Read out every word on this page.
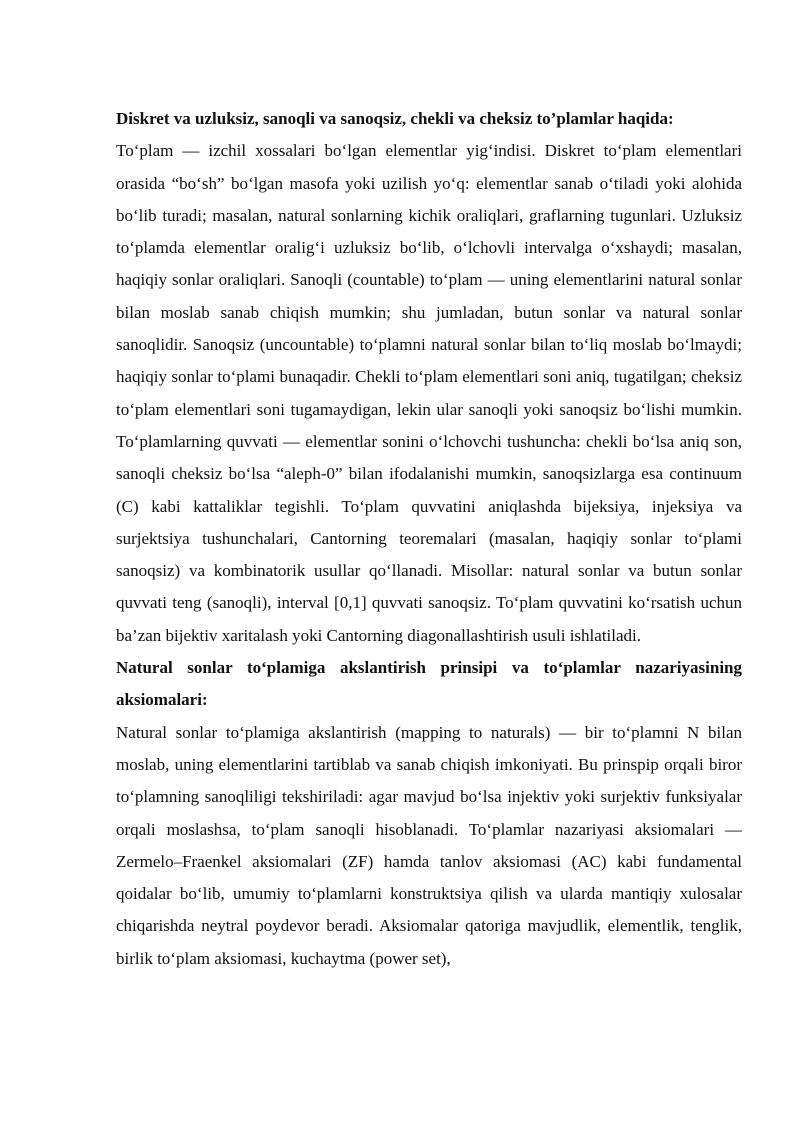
Diskret va uzluksiz, sanoqli va sanoqsiz, chekli va cheksiz to’plamlar haqida:

To‘plam — izchil xossalari bo‘lgan elementlar yig‘indisi. Diskret to‘plam elementlari orasida “bo‘sh” bo‘lgan masofa yoki uzilish yo‘q: elementlar sanab o‘tiladi yoki alohida bo‘lib turadi; masalan, natural sonlarning kichik oraliqlari, graflarning tugunlari. Uzluksiz to‘plamda elementlar oralig‘i uzluksiz bo‘lib, o‘lchovli intervalga o‘xshaydi; masalan, haqiqiy sonlar oraliqlari. Sanoqli (countable) to‘plam — uning elementlarini natural sonlar bilan moslab sanab chiqish mumkin; shu jumladan, butun sonlar va natural sonlar sanoqlidir. Sanoqsiz (uncountable) to‘plamni natural sonlar bilan to‘liq moslab bo‘lmaydi; haqiqiy sonlar to‘plami bunaqadir. Chekli to‘plam elementlari soni aniq, tugatilgan; cheksiz to‘plam elementlari soni tugamaydigan, lekin ular sanoqli yoki sanoqsiz bo‘lishi mumkin. To‘plamlarning quvvati — elementlar sonini o‘lchovchi tushuncha: chekli bo‘lsa aniq son, sanoqli cheksiz bo‘lsa “aleph-0” bilan ifodalanishi mumkin, sanoqsizlarga esa continuum (C) kabi kattaliklar tegishli. To‘plam quvvatini aniqlashda bijeksiya, injeksiya va surjektsiya tushunchalari, Cantorning teoremalari (masalan, haqiqiy sonlar to‘plami sanoqsiz) va kombinatorik usullar qo‘llanadi. Misollar: natural sonlar va butun sonlar quvvati teng (sanoqli), interval [0,1] quvvati sanoqsiz. To‘plam quvvatini ko‘rsatish uchun ba’zan bijektiv xaritalash yoki Cantorning diagonallashtirish usuli ishlatiladi.

Natural sonlar to‘plamiga akslantirish prinsipi va to‘plamlar nazariyasining aksiomalari:

Natural sonlar to‘plamiga akslantirish (mapping to naturals) — bir to‘plamni N bilan moslab, uning elementlarini tartiblab va sanab chiqish imkoniyati. Bu prinspip orqali biror to‘plamning sanoqliligi tekshiriladi: agar mavjud bo‘lsa injektiv yoki surjektiv funksiyalar orqali moslashsa, to‘plam sanoqli hisoblanadi. To‘plamlar nazariyasi aksiomalari — Zermelo–Fraenkel aksiomalari (ZF) hamda tanlov aksiomasi (AC) kabi fundamental qoidalar bo‘lib, umumiy to‘plamlarni konstruktsiya qilish va ularda mantiqiy xulosalar chiqarishda neytral poydevor beradi. Aksiomalar qatoriga mavjudlik, elementlik, tenglik, birlik to‘plam aksiomasi, kuchaytma (power set),
